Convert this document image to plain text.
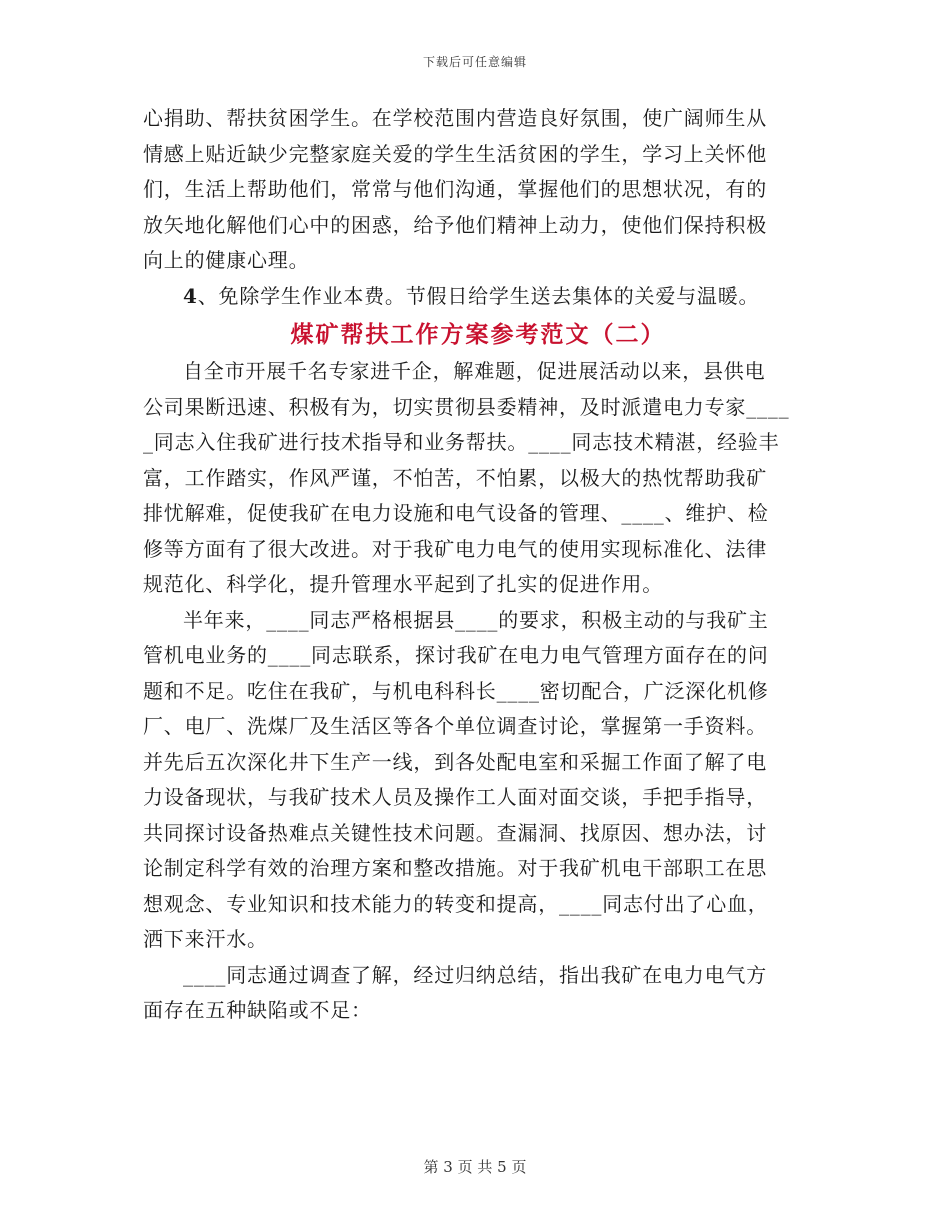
下载后可任意编辑

心捐助、帮扶贫困学生。在学校范围内营造良好氛围，使广阔师生从
情感上贴近缺少完整家庭关爱的学生生活贫困的学生，学习上关怀他
们，生活上帮助他们，常常与他们沟通，掌握他们的思想状况，有的
放矢地化解他们心中的困惑，给予他们精神上动力，使他们保持积极
向上的健康心理。

4、免除学生作业本费。节假日给学生送去集体的关爱与温暖。

煤矿帮扶工作方案参考范文（二）

自全市开展千名专家进千企，解难题，促进展活动以来，县供电
公司果断迅速、积极有为，切实贯彻县委精神，及时派遣电力专家____
_同志入住我矿进行技术指导和业务帮扶。____同志技术精湛，经验丰
富，工作踏实，作风严谨，不怕苦，不怕累，以极大的热忱帮助我矿
排忧解难，促使我矿在电力设施和电气设备的管理、____、维护、检
修等方面有了很大改进。对于我矿电力电气的使用实现标准化、法律
规范化、科学化，提升管理水平起到了扎实的促进作用。

半年来，____同志严格根据县____的要求，积极主动的与我矿主
管机电业务的____同志联系，探讨我矿在电力电气管理方面存在的问
题和不足。吃住在我矿，与机电科科长____密切配合，广泛深化机修
厂、电厂、洗煤厂及生活区等各个单位调查讨论，掌握第一手资料。
并先后五次深化井下生产一线，到各处配电室和采掘工作面了解了电
力设备现状，与我矿技术人员及操作工人面对面交谈，手把手指导，
共同探讨设备热难点关键性技术问题。查漏洞、找原因、想办法，讨
论制定科学有效的治理方案和整改措施。对于我矿机电干部职工在思
想观念、专业知识和技术能力的转变和提高，____同志付出了心血，
洒下来汗水。

____同志通过调查了解，经过归纳总结，指出我矿在电力电气方
面存在五种缺陷或不足：

第 3 页 共 5 页
